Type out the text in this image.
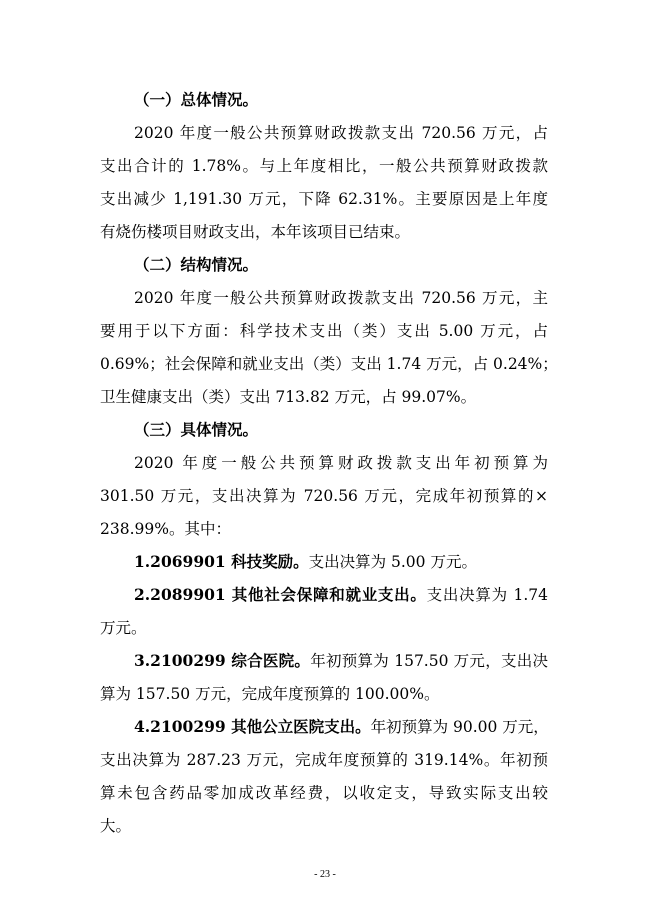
（一）总体情况。
2020 年度一般公共预算财政拨款支出 720.56 万元，占
支出合计的 1.78%。与上年度相比，一般公共预算财政拨款
支出减少 1,191.30 万元，下降 62.31%。主要原因是上年度
有烧伤楼项目财政支出，本年该项目已结束。
（二）结构情况。
2020 年度一般公共预算财政拨款支出 720.56 万元，主
要用于以下方面：科学技术支出（类）支出 5.00 万元，占
0.69%；社会保障和就业支出（类）支出 1.74 万元，占 0.24%；
卫生健康支出（类）支出 713.82 万元，占 99.07%。
（三）具体情况。
2020 年度一般公共预算财政拨款支出年初预算为
301.50 万元，支出决算为 720.56 万元，完成年初预算的×
238.99%。其中：
1.2069901 科技奖励。支出决算为 5.00 万元。
2.2089901 其他社会保障和就业支出。支出决算为 1.74
万元。
3.2100299 综合医院。年初预算为 157.50 万元，支出决
算为 157.50 万元，完成年度预算的 100.00%。
4.2100299 其他公立医院支出。年初预算为 90.00 万元，
支出决算为 287.23 万元，完成年度预算的 319.14%。年初预
算未包含药品零加成改革经费，以收定支，导致实际支出较
大。
- 23 -
